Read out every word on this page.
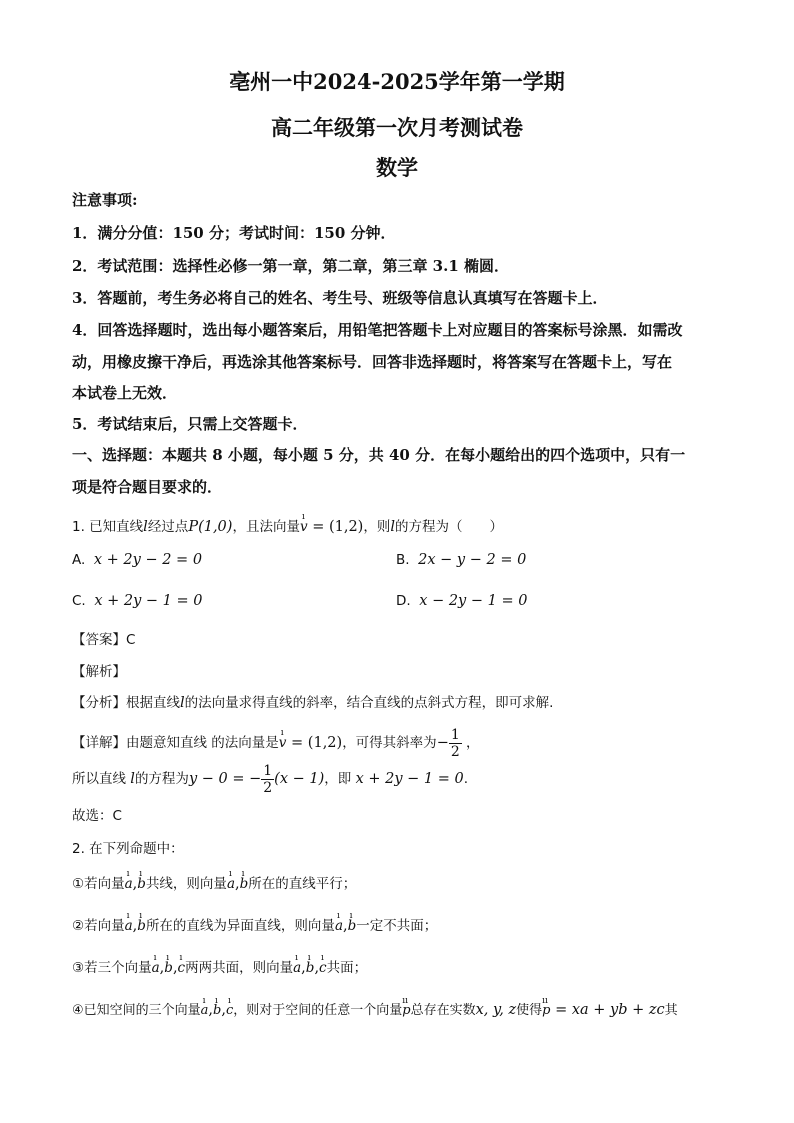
亳州一中2024-2025学年第一学期
高二年级第一次月考测试卷
数学
注意事项:
1．满分分值：150 分；考试时间：150 分钟．
2．考试范围：选择性必修一第一章，第二章，第三章 3.1 椭圆．
3．答题前，考生务必将自己的姓名、考生号、班级等信息认真填写在答题卡上．
4．回答选择题时，选出每小题答案后，用铅笔把答题卡上对应题目的答案标号涂黑．如需改
动，用橡皮擦干净后，再选涂其他答案标号．回答非选择题时，将答案写在答题卡上，写在
本试卷上无效．
5．考试结束后，只需上交答题卡．
一、选择题：本题共 8 小题，每小题 5 分，共 40 分．在每小题给出的四个选项中，只有一
项是符合题目要求的．
1. 已知直线l经过点P(1,0)，且法向量ı v = (1,2)，则l的方程为（　　）
A. x + 2y − 2 = 0	B. 2x − y − 2 = 0
C. x + 2y − 1 = 0	D. x − 2y − 1 = 0
【答案】C
【解析】
【分析】根据直线l的法向量求得直线的斜率，结合直线的点斜式方程，即可求解.
【详解】由题意知直线 的法向量是ı v = (1,2)，可得其斜率为− $\frac{1}{2}$ ，
所以直线 l的方程为y − 0 = − $\frac{1}{2} (x - 1)$，即 x + 2y − 1 = 0.
故选：C
2. 在下列命题中：
①若向量ı a,ı b共线，则向量ı a,ı b所在的直线平行；
②若向量ı a,ı b所在的直线为异面直线，则向量ı a,ı b一定不共面；
③若三个向量ı a,ı b,ı c两两共面，则向量ı a,ı b,ı c共面；
④已知空间的三个向量ı a,ı b,ı c，则对于空间的任意一个向量ıı p总存在实数x, y, z使得ıı p = xa + yb + zc其
